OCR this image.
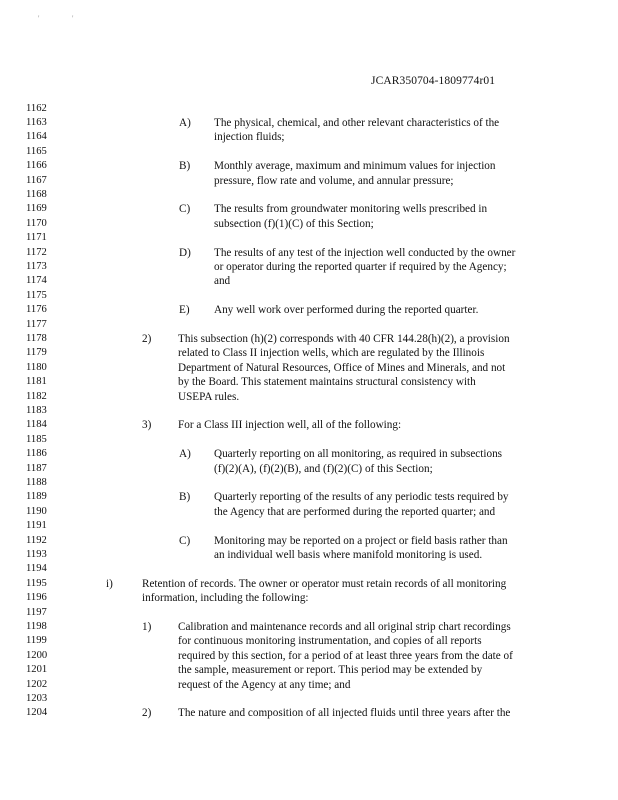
'	'
JCAR350704-1809774r01
1162
1163
1164
1165
1166
1167
1168
1169
1170
1171
1172
1173
1174
1175
1176
1177
1178
1179
1180
1181
1182
1183
1184
1185
1186
1187
1188
1189
1190
1191
1192
1193
1194
1195
1196
1197
1198
1199
1200
1201
1202
1203
1204
A) The physical, chemical, and other relevant characteristics of the
injection fluids;
B) Monthly average, maximum and minimum values for injection
pressure, flow rate and volume, and annular pressure;
C) The results from groundwater monitoring wells prescribed in
subsection (f)(1)(C) of this Section;
D) The results of any test of the injection well conducted by the owner
or operator during the reported quarter if required by the Agency;
and
E) Any well work over performed during the reported quarter.
2) This subsection (h)(2) corresponds with 40 CFR 144.28(h)(2), a provision
related to Class II injection wells, which are regulated by the Illinois
Department of Natural Resources, Office of Mines and Minerals, and not
by the Board. This statement maintains structural consistency with
USEPA rules.
3) For a Class III injection well, all of the following:
A) Quarterly reporting on all monitoring, as required in subsections
(f)(2)(A), (f)(2)(B), and (f)(2)(C) of this Section;
B) Quarterly reporting of the results of any periodic tests required by
the Agency that are performed during the reported quarter; and
C) Monitoring may be reported on a project or field basis rather than
an individual well basis where manifold monitoring is used.
i)	Retention of records. The owner or operator must retain records of all monitoring
information, including the following:
1) Calibration and maintenance records and all original strip chart recordings
for continuous monitoring instrumentation, and copies of all reports
required by this section, for a period of at least three years from the date of
the sample, measurement or report. This period may be extended by
request of the Agency at any time; and
2) The nature and composition of all injected fluids until three years after the
